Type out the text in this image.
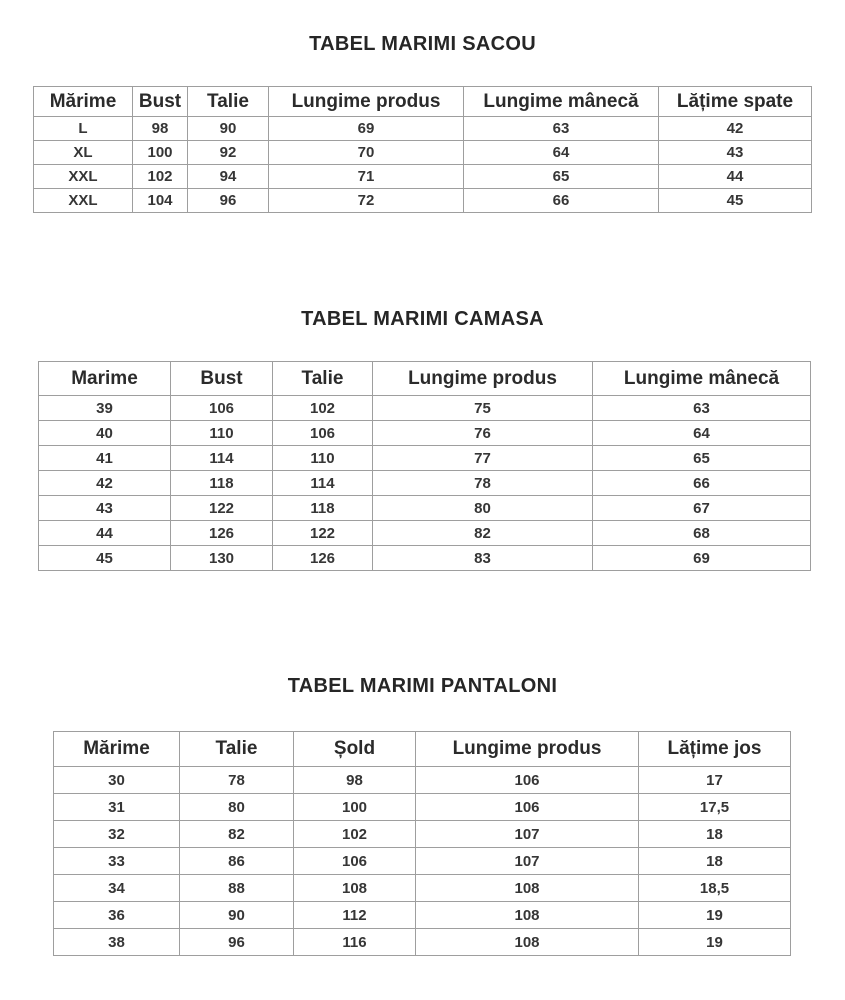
TABEL MARIMI SACOU
Mărime	Bust	Talie	Lungime produs	Lungime mânecă	Lățime spate
L	98	90	69	63	42
XL	100	92	70	64	43
XXL	102	94	71	65	44
XXL	104	96	72	66	45
TABEL MARIMI CAMASA
Marime	Bust	Talie	Lungime produs	Lungime mânecă
39	106	102	75	63
40	110	106	76	64
41	114	110	77	65
42	118	114	78	66
43	122	118	80	67
44	126	122	82	68
45	130	126	83	69
TABEL MARIMI PANTALONI
Mărime	Talie	Șold	Lungime produs	Lățime jos
30	78	98	106	17
31	80	100	106	17,5
32	82	102	107	18
33	86	106	107	18
34	88	108	108	18,5
36	90	112	108	19
38	96	116	108	19
